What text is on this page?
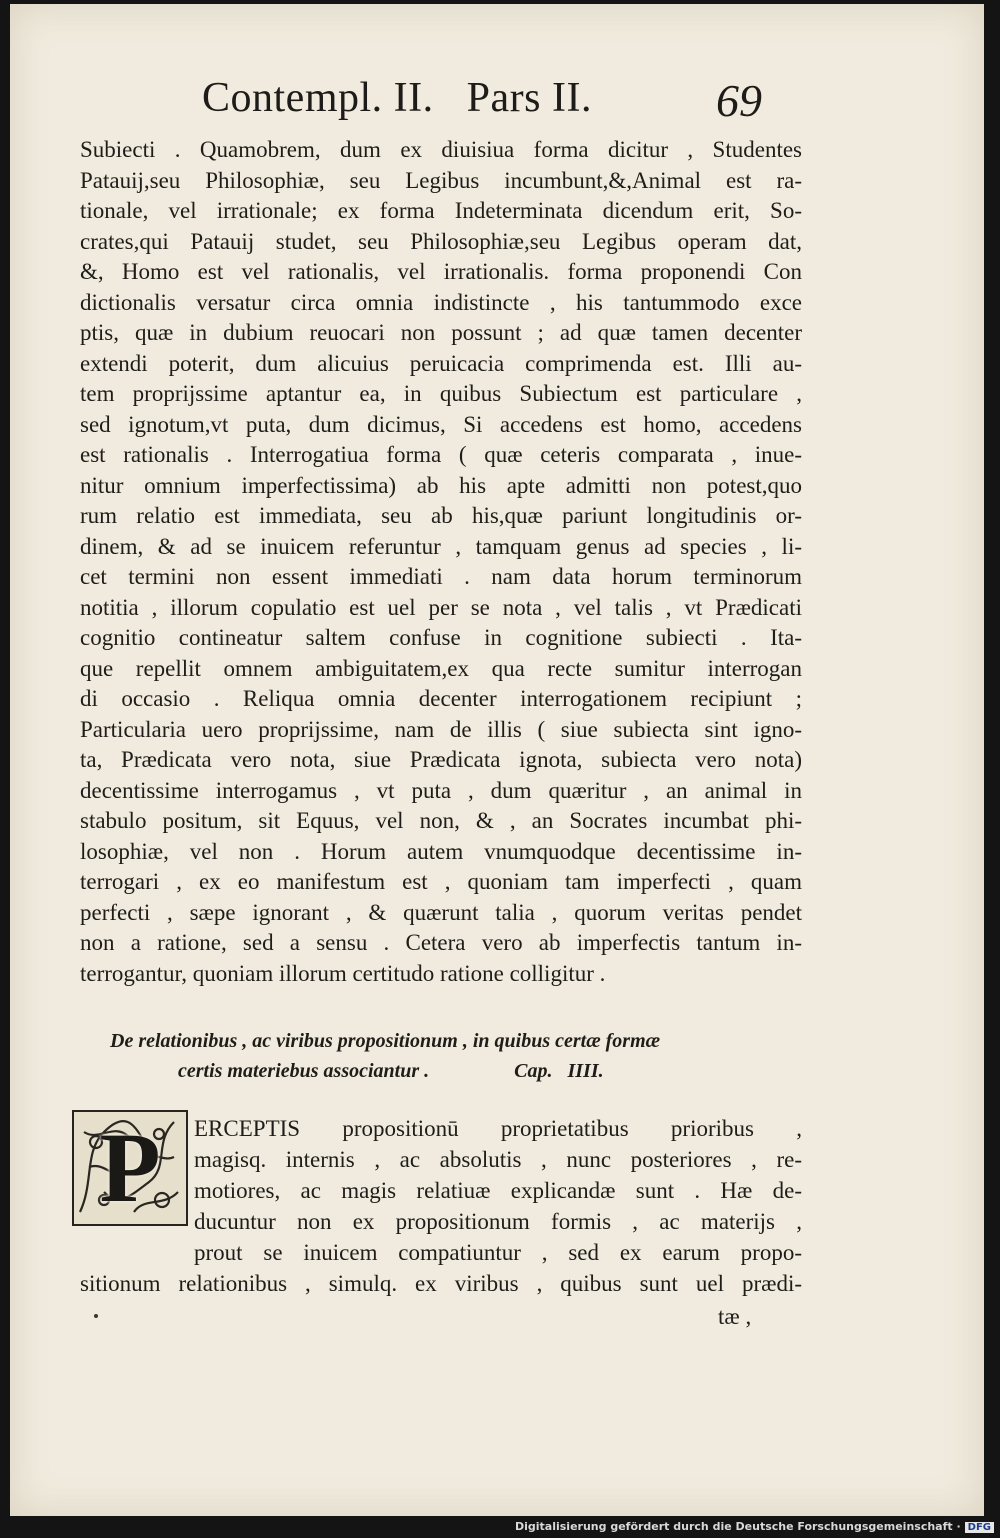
Contempl. II.   Pars II.	69
Subiecti . Quamobrem, dum ex diuisiua forma dicitur , Studentes
Patauij,seu Philosophiæ, seu Legibus incumbunt,&,Animal est ra-
tionale, vel irrationale; ex forma Indeterminata dicendum erit, So-
crates,qui Patauij studet, seu Philosophiæ,seu Legibus operam dat,
&, Homo est vel rationalis, vel irrationalis. forma proponendi Con
dictionalis versatur circa omnia indistincte , his tantummodo exce
ptis, quæ in dubium reuocari non possunt ; ad quæ tamen decenter
extendi poterit, dum alicuius peruicacia comprimenda est. Illi au-
tem proprijssime aptantur ea, in quibus Subiectum est particulare ,
sed ignotum,vt puta, dum dicimus, Si accedens est homo, accedens
est rationalis . Interrogatiua forma ( quæ ceteris comparata , inue-
nitur omnium imperfectissima) ab his apte admitti non potest,quo
rum relatio est immediata, seu ab his,quæ pariunt longitudinis or-
dinem, & ad se inuicem referuntur , tamquam genus ad species , li-
cet termini non essent immediati . nam data horum terminorum
notitia , illorum copulatio est uel per se nota , vel talis , vt Prædicati
cognitio contineatur saltem confuse in cognitione subiecti . Ita-
que repellit omnem ambiguitatem,ex qua recte sumitur interrogan
di occasio . Reliqua omnia decenter interrogationem recipiunt ;
Particularia uero proprijssime, nam de illis ( siue subiecta sint igno-
ta, Prædicata vero nota, siue Prædicata ignota, subiecta vero nota)
decentissime interrogamus , vt puta , dum quæritur , an animal in
stabulo positum, sit Equus, vel non, & , an Socrates incumbat phi-
losophiæ, vel non . Horum autem vnumquodque decentissime in-
terrogari , ex eo manifestum est , quoniam tam imperfecti , quam
perfecti , sæpe ignorant , & quærunt talia , quorum veritas pendet
non a ratione, sed a sensu . Cetera vero ab imperfectis tantum in-
terrogantur, quoniam illorum certitudo ratione colligitur .
De relationibus , ac viribus propositionum , in quibus certæ formæ
certis materiebus associantur .	Cap.   IIII.
P	ERCEPTIS propositionū proprietatibus prioribus ,
magisq. internis , ac absolutis , nunc posteriores , re-
motiores, ac magis relatiuæ explicandæ sunt . Hæ de-
ducuntur non ex propositionum formis , ac materijs ,
prout se inuicem compatiuntur , sed ex earum propo-
sitionum relationibus , simulq. ex viribus , quibus sunt uel prædi-
tæ ,
Digitalisierung gefördert durch die Deutsche Forschungsgemeinschaft · DFG
